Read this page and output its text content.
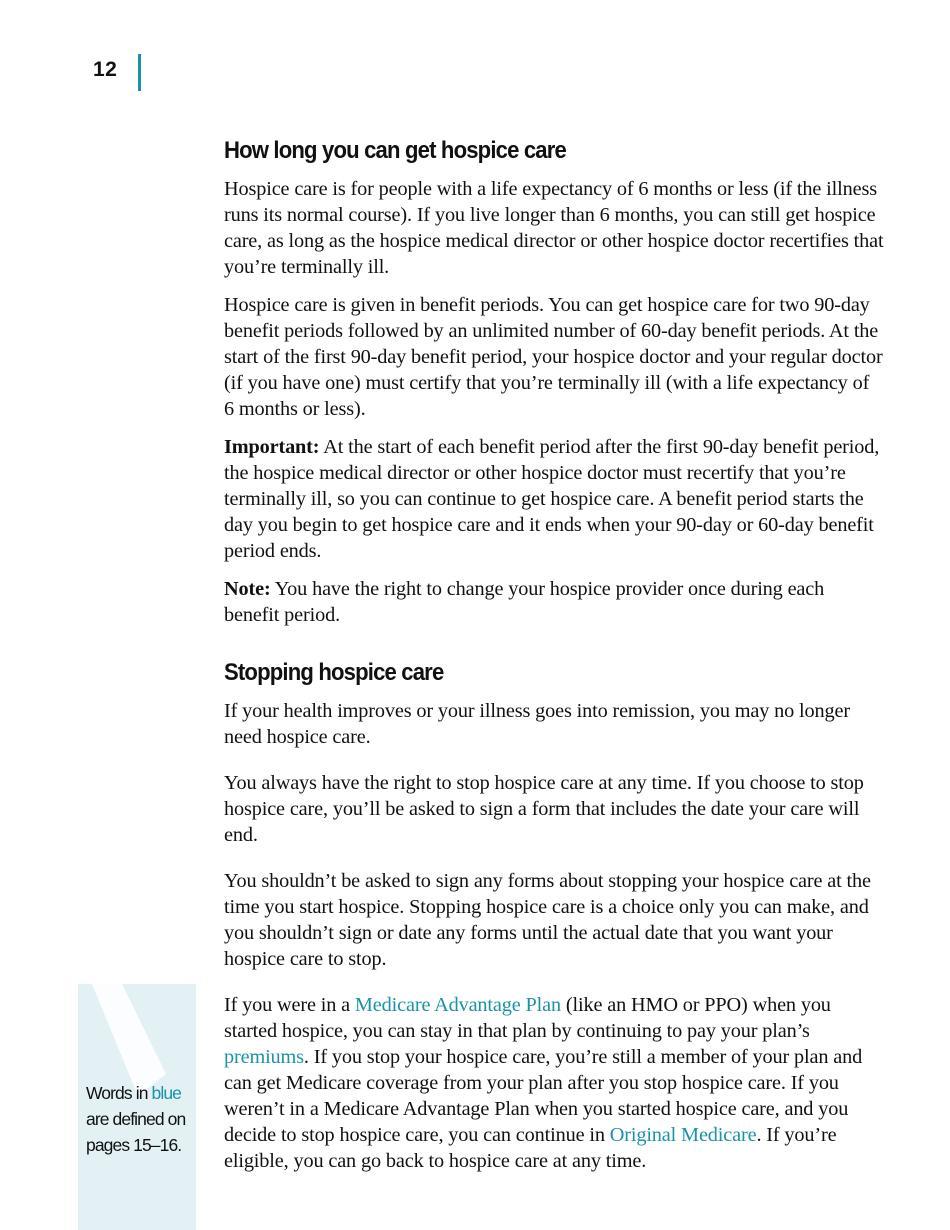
12
How long you can get hospice care

Hospice care is for people with a life expectancy of 6 months or less (if the illness runs its normal course). If you live longer than 6 months, you can still get hospice care, as long as the hospice medical director or other hospice doctor recertifies that you’re terminally ill.

Hospice care is given in benefit periods. You can get hospice care for two 90-day benefit periods followed by an unlimited number of 60-day benefit periods. At the start of the first 90-day benefit period, your hospice doctor and your regular doctor (if you have one) must certify that you’re terminally ill (with a life expectancy of 6 months or less).

Important: At the start of each benefit period after the first 90-day benefit period, the hospice medical director or other hospice doctor must recertify that you’re terminally ill, so you can continue to get hospice care. A benefit period starts the day you begin to get hospice care and it ends when your 90-day or 60-day benefit period ends.

Note: You have the right to change your hospice provider once during each benefit period.

Stopping hospice care

If your health improves or your illness goes into remission, you may no longer need hospice care.

You always have the right to stop hospice care at any time. If you choose to stop hospice care, you’ll be asked to sign a form that includes the date your care will end.

You shouldn’t be asked to sign any forms about stopping your hospice care at the time you start hospice. Stopping hospice care is a choice only you can make, and you shouldn’t sign or date any forms until the actual date that you want your hospice care to stop.

If you were in a Medicare Advantage Plan (like an HMO or PPO) when you started hospice, you can stay in that plan by continuing to pay your plan’s premiums. If you stop your hospice care, you’re still a member of your plan and can get Medicare coverage from your plan after you stop hospice care. If you weren’t in a Medicare Advantage Plan when you started hospice care, and you decide to stop hospice care, you can continue in Original Medicare. If you’re eligible, you can go back to hospice care at any time.

Words in blue are defined on pages 15–16.
